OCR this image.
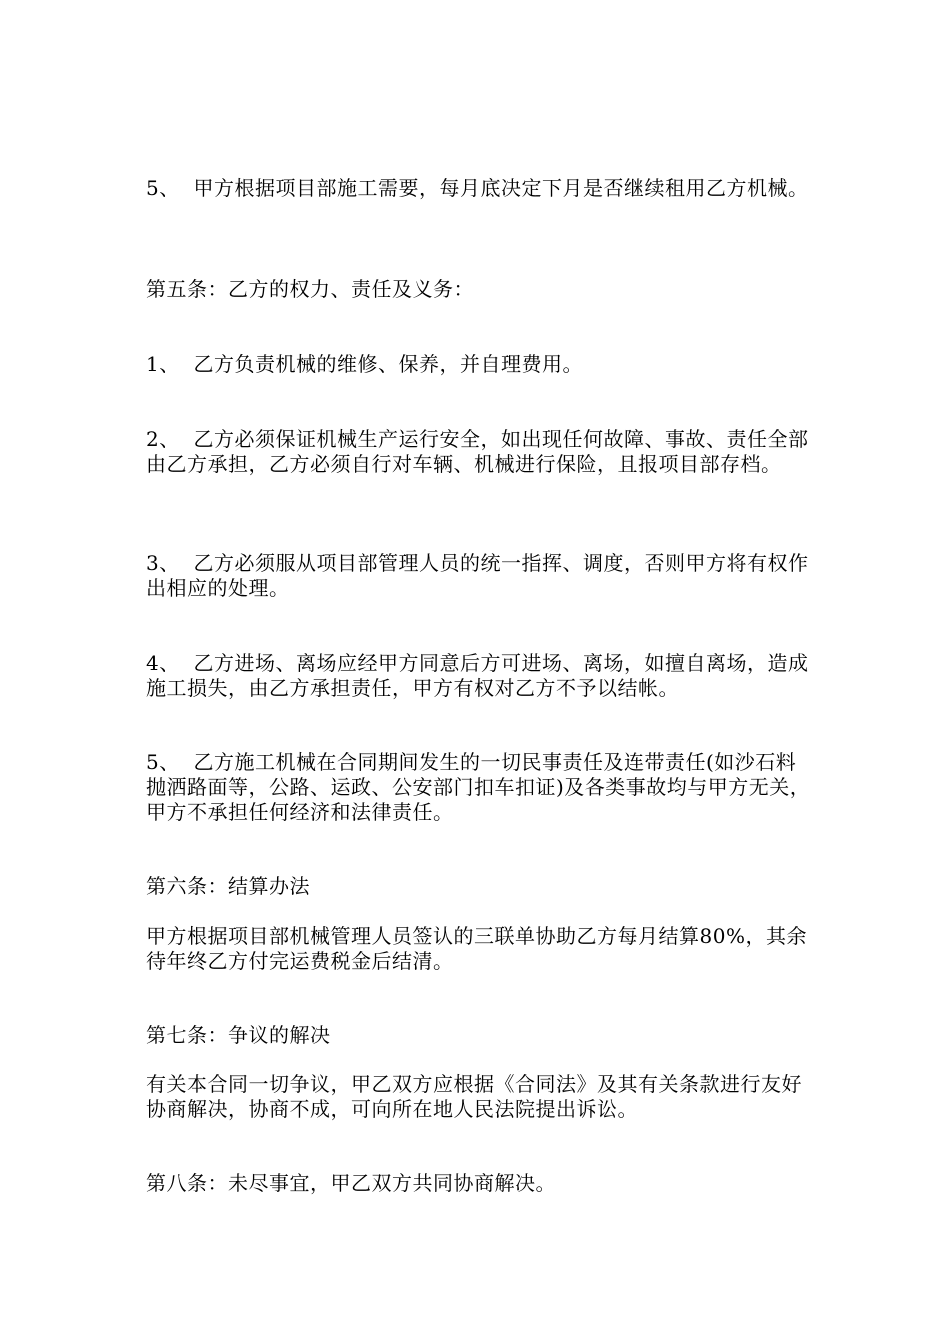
5、  甲方根据项目部施工需要，每月底决定下月是否继续租用乙方机械。

第五条：乙方的权力、责任及义务：

1、  乙方负责机械的维修、保养，并自理费用。

2、  乙方必须保证机械生产运行安全，如出现任何故障、事故、责任全部由乙方承担，乙方必须自行对车辆、机械进行保险，且报项目部存档。

3、  乙方必须服从项目部管理人员的统一指挥、调度，否则甲方将有权作出相应的处理。

4、  乙方进场、离场应经甲方同意后方可进场、离场，如擅自离场，造成施工损失，由乙方承担责任，甲方有权对乙方不予以结帐。

5、  乙方施工机械在合同期间发生的一切民事责任及连带责任(如沙石料抛洒路面等，公路、运政、公安部门扣车扣证)及各类事故均与甲方无关，甲方不承担任何经济和法律责任。

第六条：结算办法

甲方根据项目部机械管理人员签认的三联单协助乙方每月结算80%，其余待年终乙方付完运费税金后结清。

第七条：争议的解决

有关本合同一切争议，甲乙双方应根据《合同法》及其有关条款进行友好协商解决，协商不成，可向所在地人民法院提出诉讼。

第八条：未尽事宜，甲乙双方共同协商解决。
